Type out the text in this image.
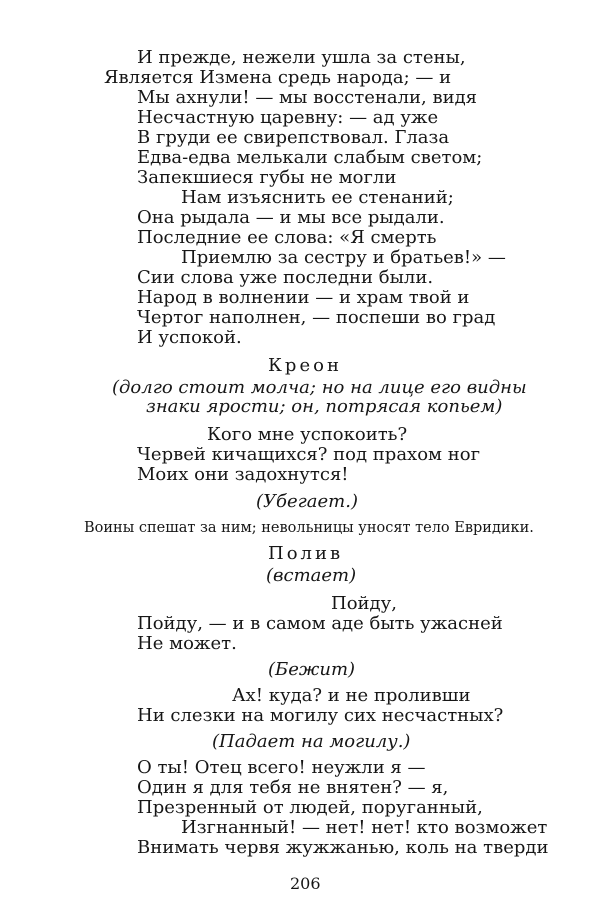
И прежде, нежели ушла за стены,
Является Измена средь народа; — и
Мы ахнули! — мы восстенали, видя
Несчастную царевну: — ад уже
В груди ее свирепствовал. Глаза
Едва-едва мелькали слабым светом;
Запекшиеся губы не могли
Нам изъяснить ее стенаний;
Она рыдала — и мы все рыдали.
Последние ее слова: «Я смерть
Приемлю за сестру и братьев!» —
Сии слова уже последни были.
Народ в волнении — и храм твой и
Чертог наполнен, — поспеши во град
И успокой.
Креон
(долго стоит молча; но на лице его видны
знаки ярости; он, потрясая копьем)
Кого мне успокоить?
Червей кичащихся? под прахом ног
Моих они задохнутся!
(Убегает.)
Воины спешат за ним; невольницы уносят тело Евридики.
Полив
(встает)
Пойду,
Пойду, — и в самом аде быть ужасней
Не может.
(Бежит)
Ах! куда? и не проливши
Ни слезки на могилу сих несчастных?
(Падает на могилу.)
О ты! Отец всего! неужли я —
Один я для тебя не внятен? — я,
Презренный от людей, поруганный,
Изгнанный! — нет! нет! кто возможет
Внимать червя жужжанью, коль на тверди
206
